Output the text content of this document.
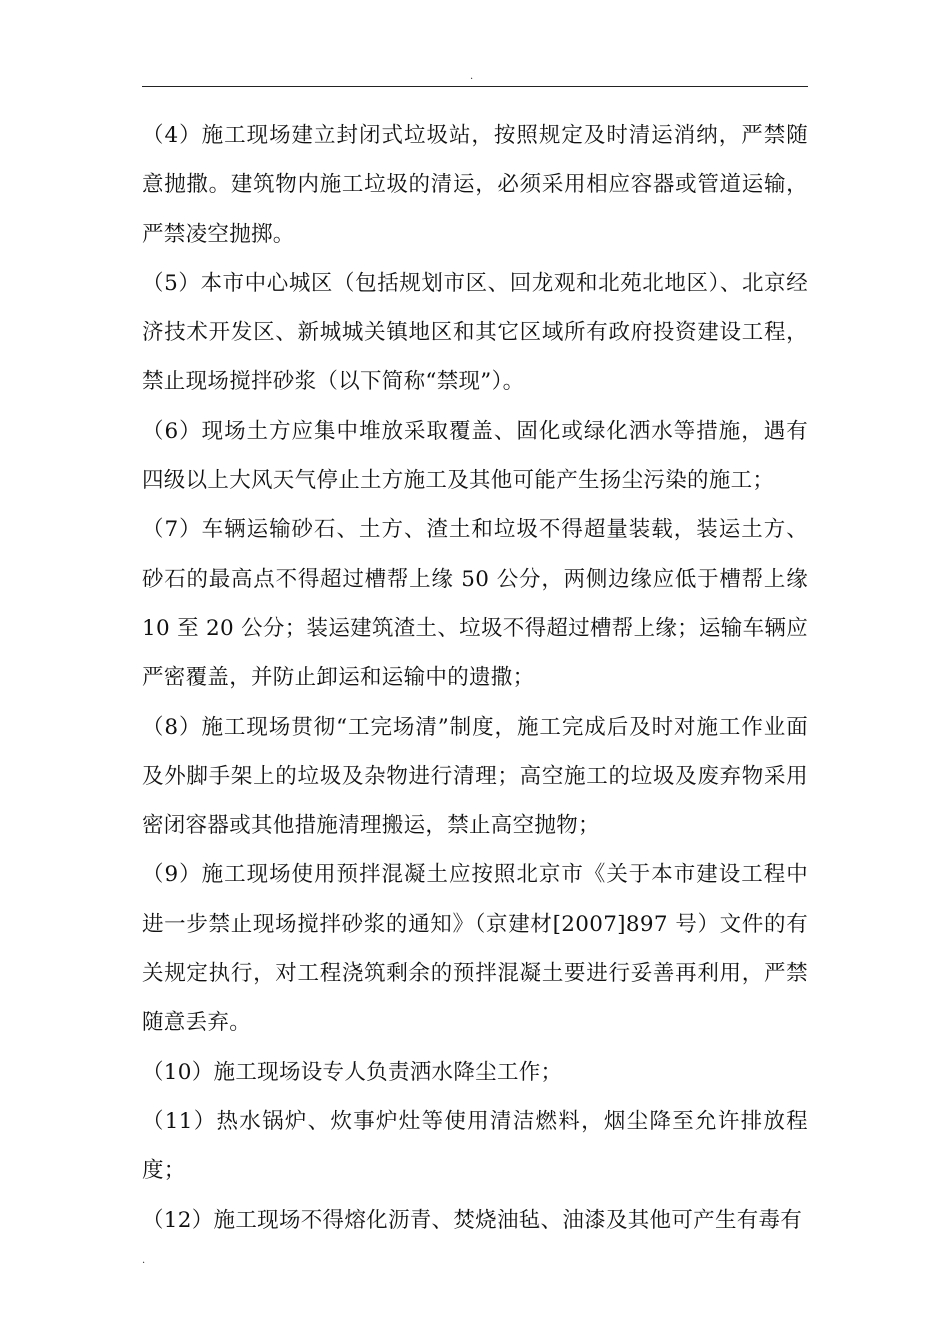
.

（4）施工现场建立封闭式垃圾站，按照规定及时清运消纳，严禁随意抛撒。建筑物内施工垃圾的清运，必须采用相应容器或管道运输，严禁凌空抛掷。

（5）本市中心城区（包括规划市区、回龙观和北苑北地区）、北京经济技术开发区、新城城关镇地区和其它区域所有政府投资建设工程，禁止现场搅拌砂浆（以下简称“禁现”）。

（6）现场土方应集中堆放采取覆盖、固化或绿化洒水等措施，遇有四级以上大风天气停止土方施工及其他可能产生扬尘污染的施工；

（7）车辆运输砂石、土方、渣土和垃圾不得超量装载，装运土方、砂石的最高点不得超过槽帮上缘 50 公分，两侧边缘应低于槽帮上缘10 至 20 公分；装运建筑渣土、垃圾不得超过槽帮上缘；运输车辆应严密覆盖，并防止卸运和运输中的遗撒；

（8）施工现场贯彻“工完场清”制度，施工完成后及时对施工作业面及外脚手架上的垃圾及杂物进行清理；高空施工的垃圾及废弃物采用密闭容器或其他措施清理搬运，禁止高空抛物；

（9）施工现场使用预拌混凝土应按照北京市《关于本市建设工程中进一步禁止现场搅拌砂浆的通知》（京建材[2007]897 号）文件的有关规定执行，对工程浇筑剩余的预拌混凝土要进行妥善再利用，严禁随意丢弃。

（10）施工现场设专人负责洒水降尘工作；

（11）热水锅炉、炊事炉灶等使用清洁燃料，烟尘降至允许排放程度；

（12）施工现场不得熔化沥青、焚烧油毡、油漆及其他可产生有毒有

.
